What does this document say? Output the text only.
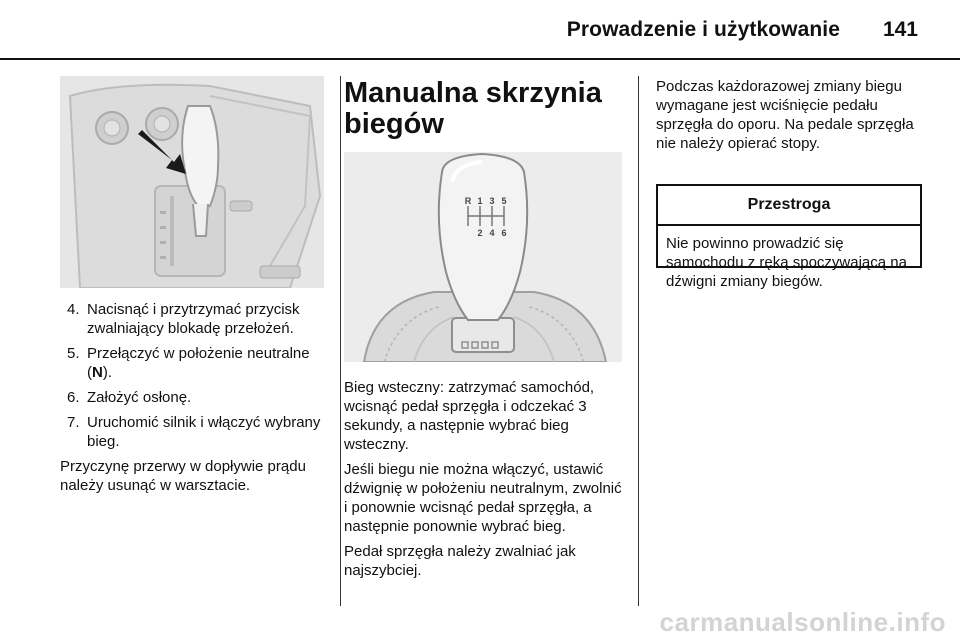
Prowadzenie i użytkowanie 141
4. Nacisnąć i przytrzymać przycisk zwalniający blokadę przełożeń.
5. Przełączyć w położenie neutralne (N).
6. Założyć osłonę.
7. Uruchomić silnik i włączyć wybrany bieg.

Przyczynę przerwy w dopływie prądu należy usunąć w warsztacie.

Manualna skrzynia biegów
R 1 3 5
2 4 6

Bieg wsteczny: zatrzymać samochód, wcisnąć pedał sprzęgła i odczekać 3 sekundy, a następnie wybrać bieg wsteczny.

Jeśli biegu nie można włączyć, ustawić dźwignię w położeniu neutralnym, zwolnić i ponownie wcisnąć pedał sprzęgła, a następnie ponownie wybrać bieg.

Pedał sprzęgła należy zwalniać jak najszybciej.

Podczas każdorazowej zmiany biegu wymagane jest wciśnięcie pedału sprzęgła do oporu. Na pedale sprzęgła nie należy opierać stopy.

Przestroga
Nie powinno prowadzić się samochodu z ręką spoczywającą na dźwigni zmiany biegów.
carmanualsonline.info
